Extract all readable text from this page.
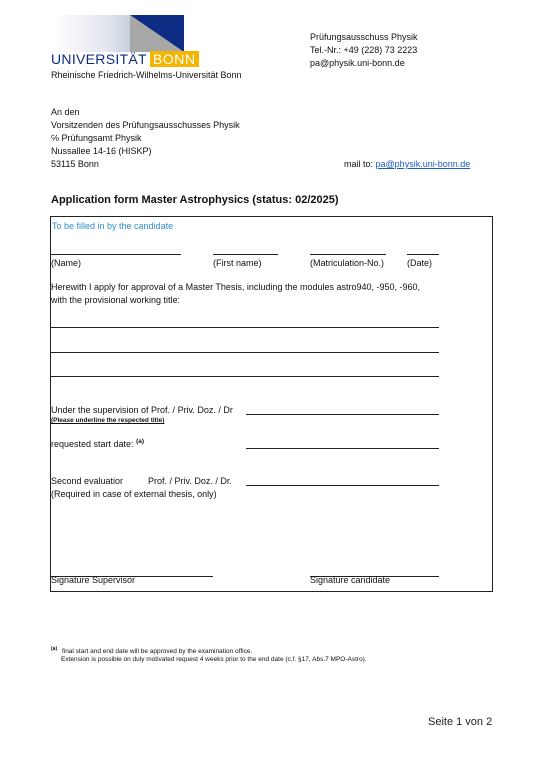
UNIVERSITÄT BONN
Rheinische Friedrich-Wilhelms-Universität Bonn
Prüfungsausschuss Physik
Tel.-Nr.: +49 (228) 73 2223
pa@physik.uni-bonn.de
An den
Vorsitzenden des Prüfungsausschusses Physik
℅ Prüfungsamt Physik
Nussallee 14-16 (HISKP)
53115 Bonn	mail to: pa@physik.uni-bonn.de
Application form Master Astrophysics (status: 02/2025)
To be filled in by the candidate
(Name)	(First name)	(Matriculation-No.)	(Date)
Herewith I apply for approval of a Master Thesis, including the modules astro940, -950, -960,
with the provisional working title:
Under the supervision of Prof. / Priv. Doz. / Dr
(Please underline the respected title)
requested start date: $^{(a)}$
Second evaluatior	Prof. / Priv. Doz. / Dr.
(Required in case of external thesis, only)
Signature Supervisor	Signature candidate
$^{(a)}$ final start and end date will be approved by the examination office.
Extension is possible on duly motivated request 4 weeks prior to the end date (c.f. §17, Abs.7 MPO-Astro).
Seite 1 von 2
